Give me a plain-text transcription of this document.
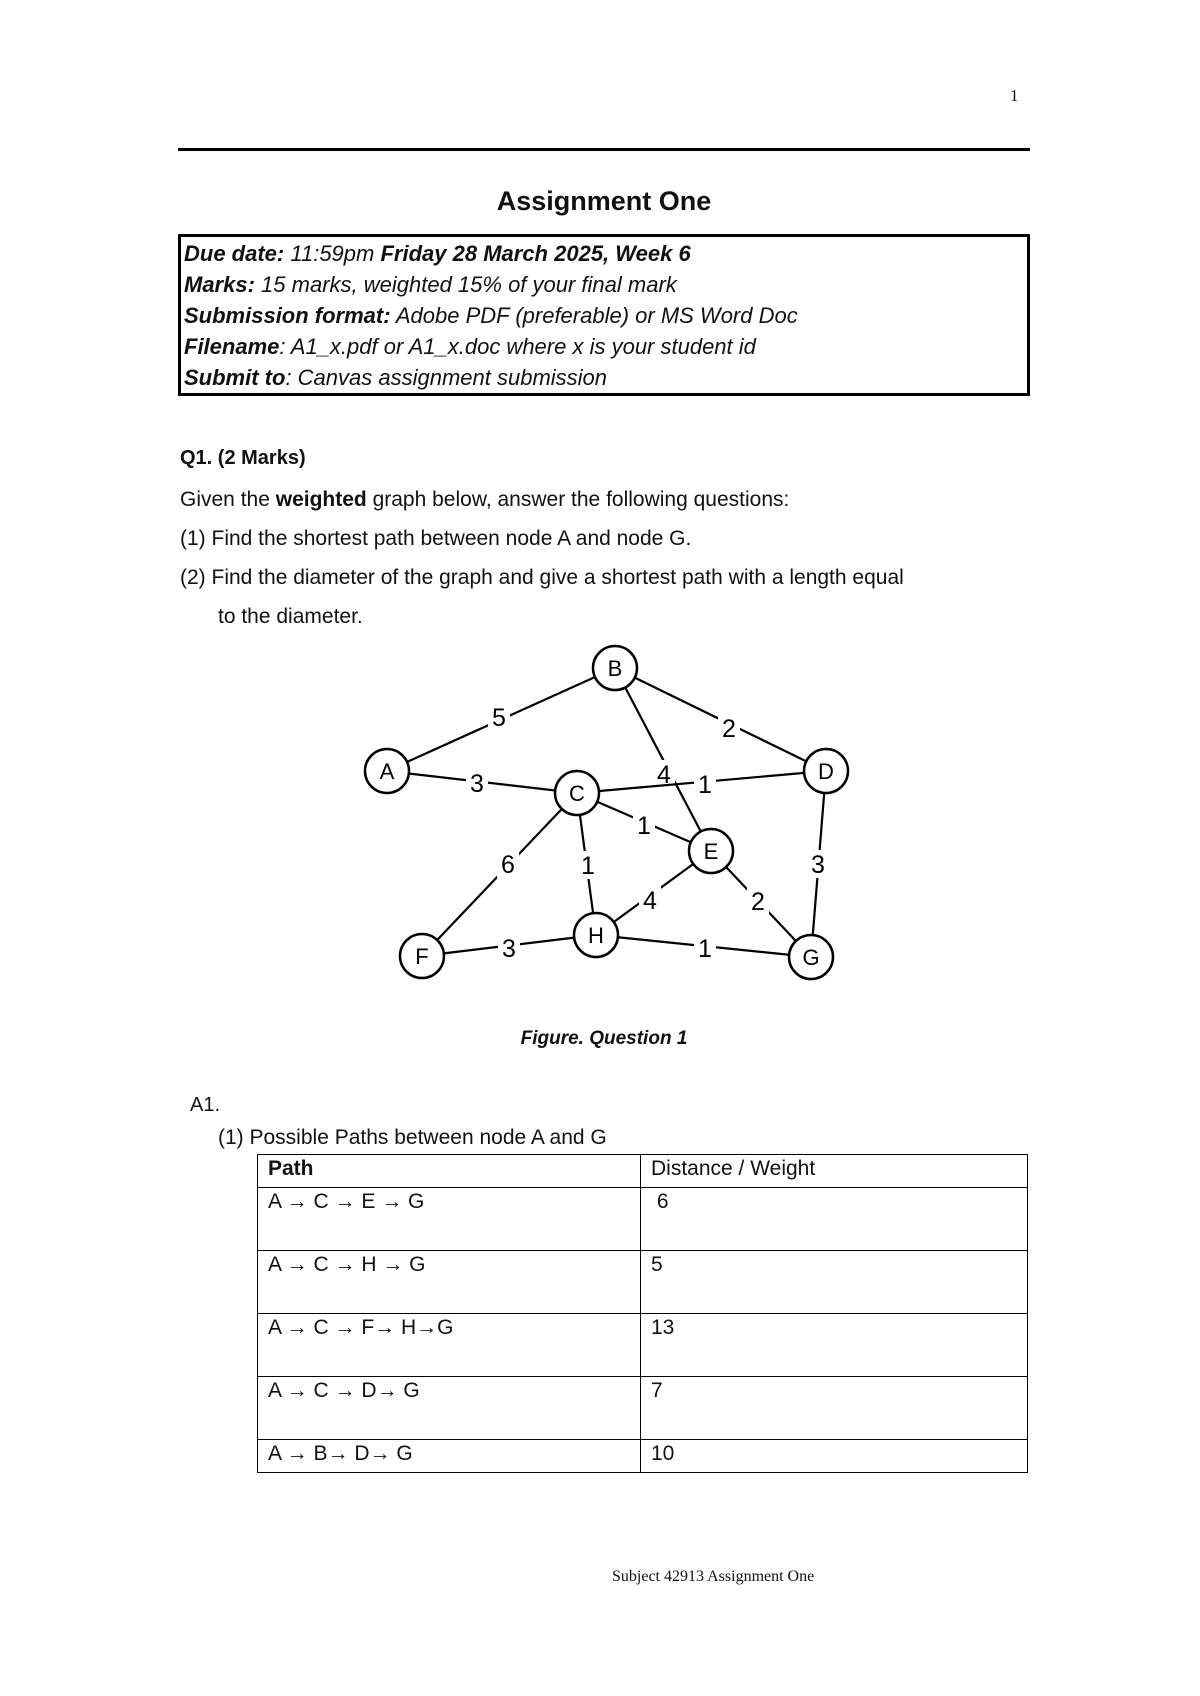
1
Assignment One
Due date: 11:59pm Friday 28 March 2025, Week 6
Marks: 15 marks, weighted 15% of your final mark
Submission format: Adobe PDF (preferable) or MS Word Doc
Filename: A1_x.pdf or A1_x.doc where x is your student id
Submit to: Canvas assignment submission
Q1. (2 Marks)
Given the weighted graph below, answer the following questions:
(1) Find the shortest path between node A and node G.
(2) Find the diameter of the graph and give a shortest path with a length equal
to the diameter.
5	2
4
3	1
1
6	1	3
4	2
3	1
A
B
C
D
E
F	G
H
Figure. Question 1
A1.
(1) Possible Paths between node A and G
Path	Distance / Weight
A → C → E → G	6
A → C → H → G	5
A → C → F→ H→G	13
A → C → D→ G	7
A → B→ D→ G	10
Subject 42913 Assignment One
